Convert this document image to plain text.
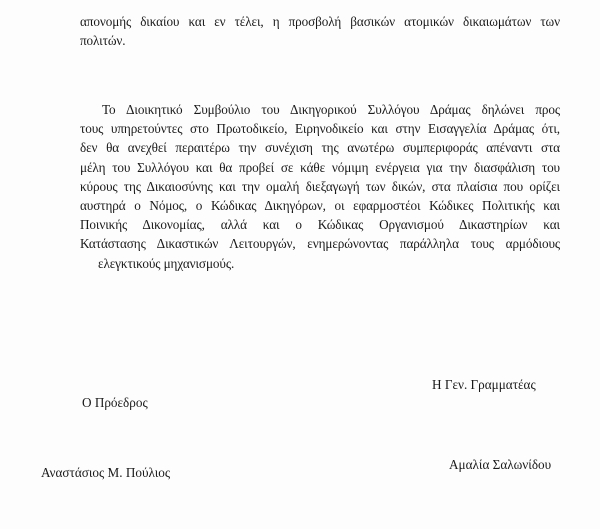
απονομής δικαίου και εν τέλει, η προσβολή βασικών ατομικών δικαιωμάτων των
πολιτών.
Το Διοικητικό Συμβούλιο του Δικηγορικού Συλλόγου Δράμας δηλώνει προς
τους υπηρετούντες στο Πρωτοδικείο, Ειρηνοδικείο και στην Εισαγγελία Δράμας ότι,
δεν θα ανεχθεί περαιτέρω την συνέχιση της ανωτέρω συμπεριφοράς απέναντι στα
μέλη του Συλλόγου και θα προβεί σε κάθε νόμιμη ενέργεια για την διασφάλιση του
κύρους της Δικαιοσύνης και την ομαλή διεξαγωγή των δικών, στα πλαίσια που ορίζει
αυστηρά ο Νόμος, ο Κώδικας Δικηγόρων, οι εφαρμοστέοι Κώδικες Πολιτικής και
Ποινικής Δικονομίας, αλλά και ο Κώδικας Οργανισμού Δικαστηρίων και
Κατάστασης Δικαστικών Λειτουργών, ενημερώνοντας παράλληλα τους αρμόδιους
ελεγκτικούς μηχανισμούς.
Ο Πρόεδρος
Η Γεν. Γραμματέας
Αναστάσιος Μ. Πούλιος
Αμαλία Σαλωνίδου
